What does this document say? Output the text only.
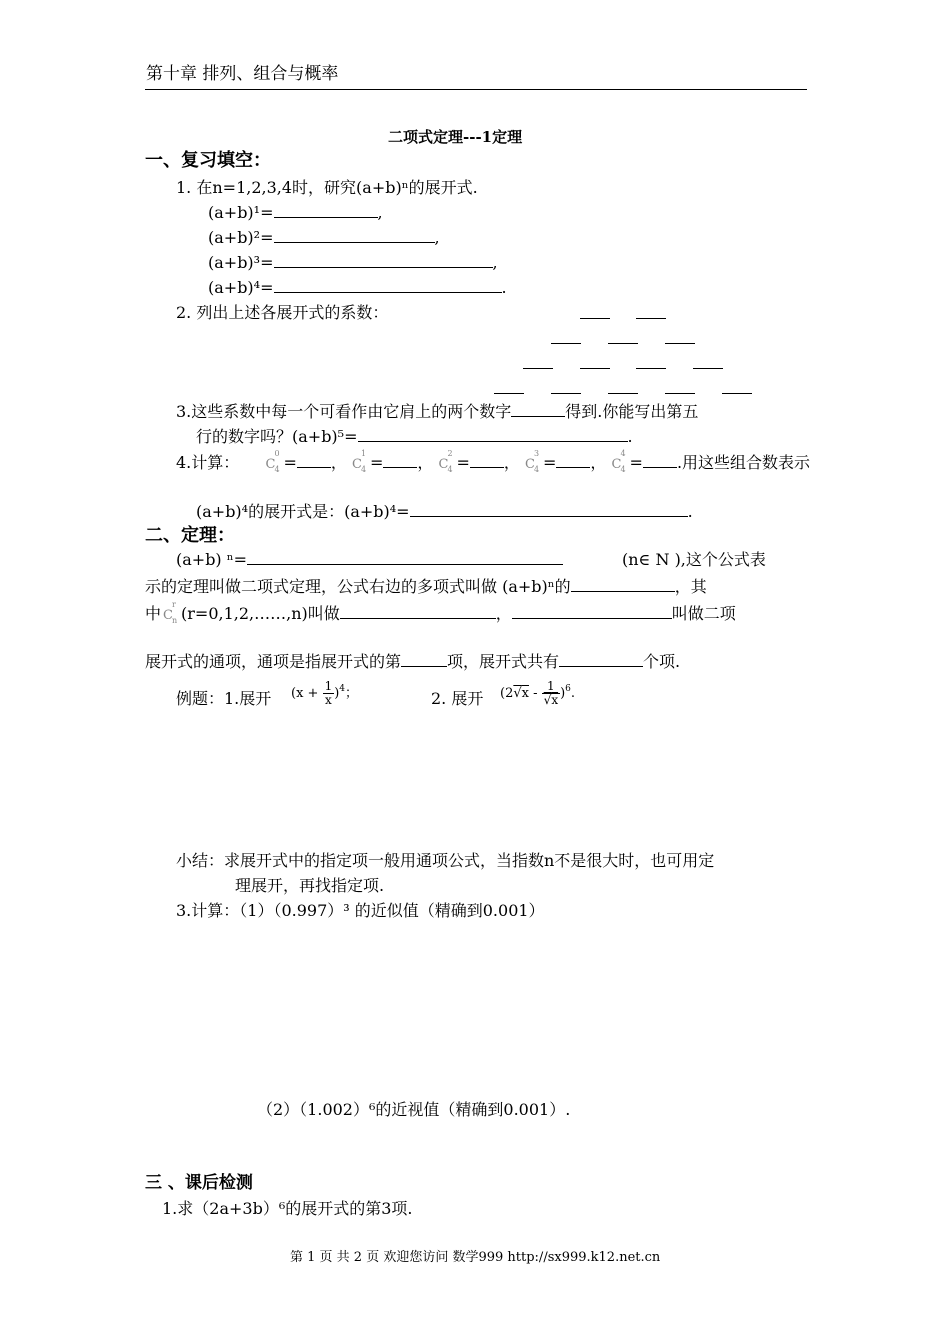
第十章 排列、组合与概率
二项式定理---1定理
一、复习填空：
1. 在n=1,2,3,4时，研究(a+b)ⁿ的展开式.
(a+b)¹=	,
(a+b)²=	,
(a+b)³=	,
(a+b)⁴=	.
2. 列出上述各展开式的系数：
3.这些系数中每一个可看作由它肩上的两个数字	得到.你能写出第五
行的数字吗？(a+b)⁵=	.
4.计算： C
0
4 = ， C
1
4 = ， C
2
4 = ， C
3
4 = ， C
4
4 = .用这些组合数表示
(a+b)⁴的展开式是：(a+b)⁴=	.
二、定理：
(a+b) ⁿ=	(n∈ N ),这个公式表
示的定理叫做二项式定理，公式右边的多项式叫做 (a+b)ⁿ的	，其
中 C
r
n (r=0,1,2,……,n)叫做	，	叫做二项
展开式的通项，通项是指展开式的第	项，展开式共有	个项.
例题：1.展开 $(x + \frac{1}{x} )^4$；	2. 展开 $(2√x - \frac{1}{√x} )^6$.
小结：求展开式中的指定项一般用通项公式，当指数n不是很大时，也可用定
理展开，再找指定项.
3.计算：（1）（0.997）³ 的近似值（精确到0.001）
（2）（1.002）⁶的近视值（精确到0.001）.
三 、课后检测
1.求（2a+3b）⁶的展开式的第3项.
第 1 页 共 2 页 欢迎您访问 数学999 http://sx999.k12.net.cn
